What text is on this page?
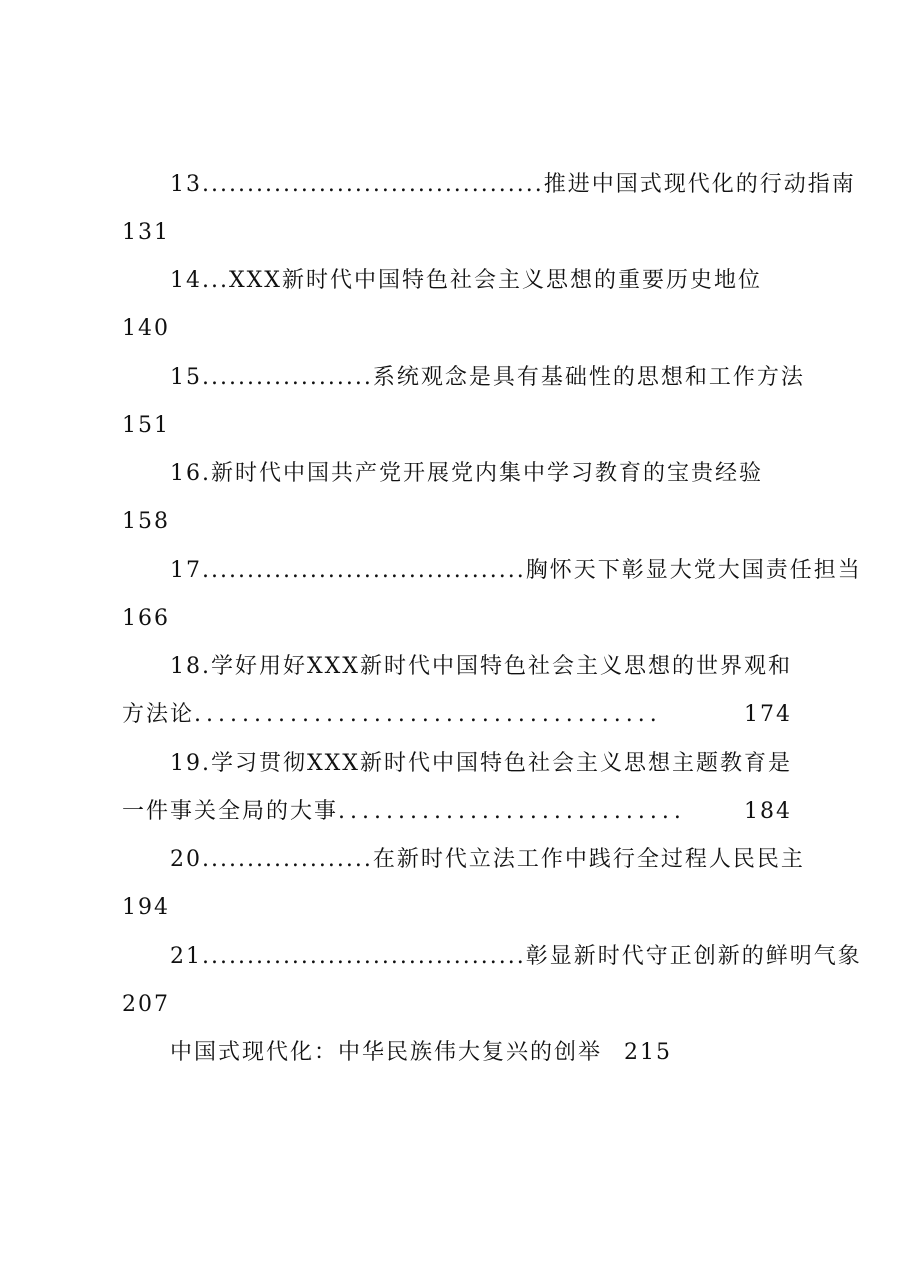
13......................................推进中国式现代化的行动指南
131
14...XXX新时代中国特色社会主义思想的重要历史地位
140
15...................系统观念是具有基础性的思想和工作方法
151
16.新时代中国共产党开展党内集中学习教育的宝贵经验
158
17....................................胸怀天下彰显大党大国责任担当
166
18.学好用好XXX新时代中国特色社会主义思想的世界观和
方法论 .......................................	174
19.学习贯彻XXX新时代中国特色社会主义思想主题教育是
一件事关全局的大事 .............................	184
20...................在新时代立法工作中践行全过程人民民主
194
21....................................彰显新时代守正创新的鲜明气象
207
中国式现代化：中华民族伟大复兴的创举 215
